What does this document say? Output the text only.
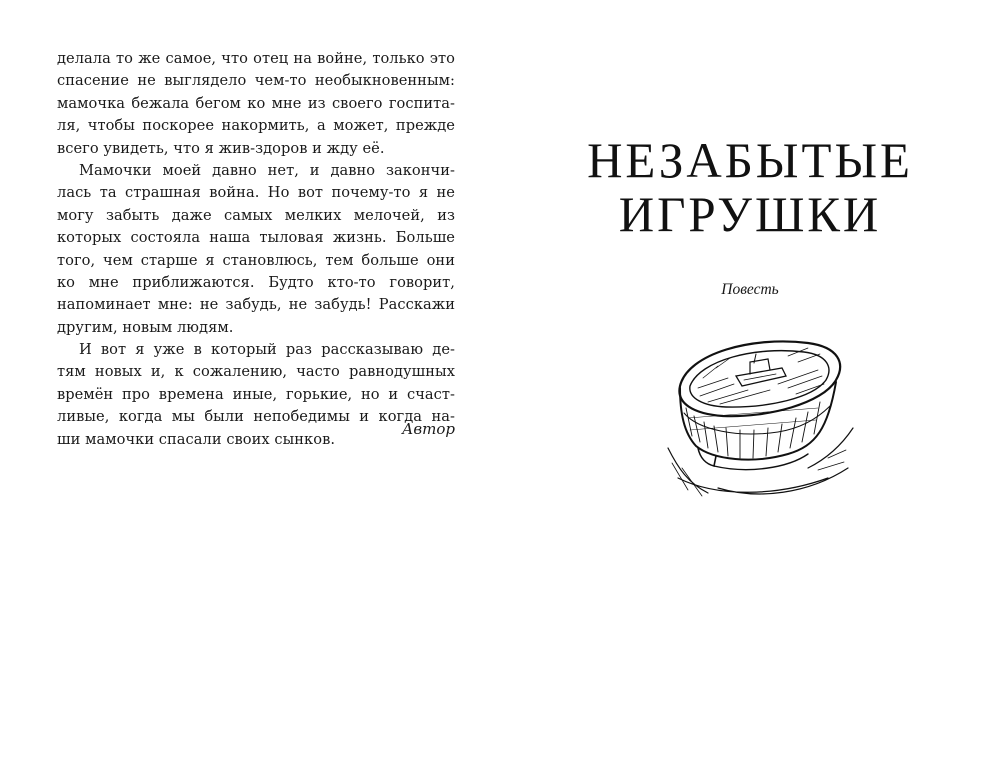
делала то же самое, что отец на войне, только это
спасение не выглядело чем-то необыкновенным:
мамочка бежала бегом ко мне из своего госпита-
ля, чтобы поскорее накормить, а может, прежде
всего увидеть, что я жив-здоров и жду её.
Мамочки моей давно нет, и давно закончи-
лась та страшная война. Но вот почему-то я не
могу забыть даже самых мелких мелочей, из
которых состояла наша тыловая жизнь. Больше
того, чем старше я становлюсь, тем больше они
ко мне приближаются. Будто кто-то говорит,
напоминает мне: не забудь, не забудь! Расскажи
другим, новым людям.
И вот я уже в который раз рассказываю де-
тям новых и, к сожалению, часто равнодушных
времён про времена иные, горькие, но и счаст-
ливые, когда мы были непобедимы и когда на-
ши мамочки спасали своих сынков.
Автор
НЕЗАБЫТЫЕ
ИГРУШКИ
Повесть
